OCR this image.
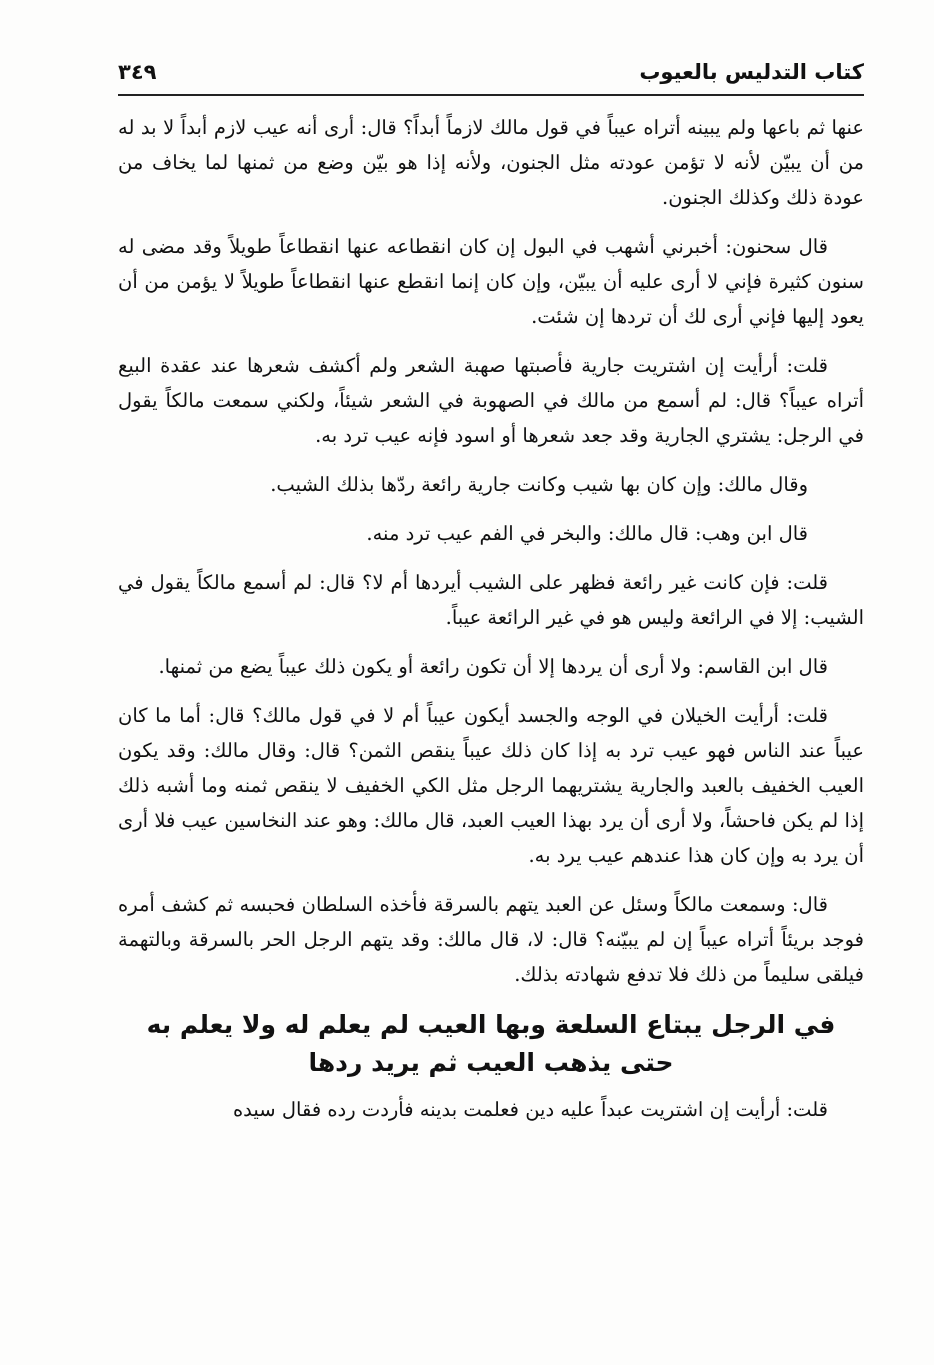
كتاب التدليس بالعيوب
٣٤٩

عنها ثم باعها ولم يبينه أتراه عيباً في قول مالك لازماً أبداً؟ قال: أرى أنه عيب لازم أبداً لا بد له من أن يبيّن لأنه لا تؤمن عودته مثل الجنون، ولأنه إذا هو بيّن وضع من ثمنها لما يخاف من عودة ذلك وكذلك الجنون.

قال سحنون: أخبرني أشهب في البول إن كان انقطاعه عنها انقطاعاً طويلاً وقد مضى له سنون كثيرة فإني لا أرى عليه أن يبيّن، وإن كان إنما انقطع عنها انقطاعاً طويلاً لا يؤمن من أن يعود إليها فإني أرى لك أن تردها إن شئت.

قلت: أرأيت إن اشتريت جارية فأصبتها صهبة الشعر ولم أكشف شعرها عند عقدة البيع أتراه عيباً؟ قال: لم أسمع من مالك في الصهوبة في الشعر شيئاً، ولكني سمعت مالكاً يقول في الرجل: يشتري الجارية وقد جعد شعرها أو اسود فإنه عيب ترد به.

وقال مالك: وإن كان بها شيب وكانت جارية رائعة ردّها بذلك الشيب.

قال ابن وهب: قال مالك: والبخر في الفم عيب ترد منه.

قلت: فإن كانت غير رائعة فظهر على الشيب أيردها أم لا؟ قال: لم أسمع مالكاً يقول في الشيب: إلا في الرائعة وليس هو في غير الرائعة عيباً.

قال ابن القاسم: ولا أرى أن يردها إلا أن تكون رائعة أو يكون ذلك عيباً يضع من ثمنها.

قلت: أرأيت الخيلان في الوجه والجسد أيكون عيباً أم لا في قول مالك؟ قال: أما ما كان عيباً عند الناس فهو عيب ترد به إذا كان ذلك عيباً ينقص الثمن؟ قال: وقال مالك: وقد يكون العيب الخفيف بالعبد والجارية يشتريهما الرجل مثل الكي الخفيف لا ينقص ثمنه وما أشبه ذلك إذا لم يكن فاحشاً، ولا أرى أن يرد بهذا العيب العبد، قال مالك: وهو عند النخاسين عيب فلا أرى أن يرد به وإن كان هذا عندهم عيب يرد به.

قال: وسمعت مالكاً وسئل عن العبد يتهم بالسرقة فأخذه السلطان فحبسه ثم كشف أمره فوجد بريئاً أتراه عيباً إن لم يبيّنه؟ قال: لا، قال مالك: وقد يتهم الرجل الحر بالسرقة وبالتهمة فيلقى سليماً من ذلك فلا تدفع شهادته بذلك.

في الرجل يبتاع السلعة وبها العيب لم يعلم له ولا يعلم به
حتى يذهب العيب ثم يريد ردها

قلت: أرأيت إن اشتريت عبداً عليه دين فعلمت بدينه فأردت رده فقال سيده
